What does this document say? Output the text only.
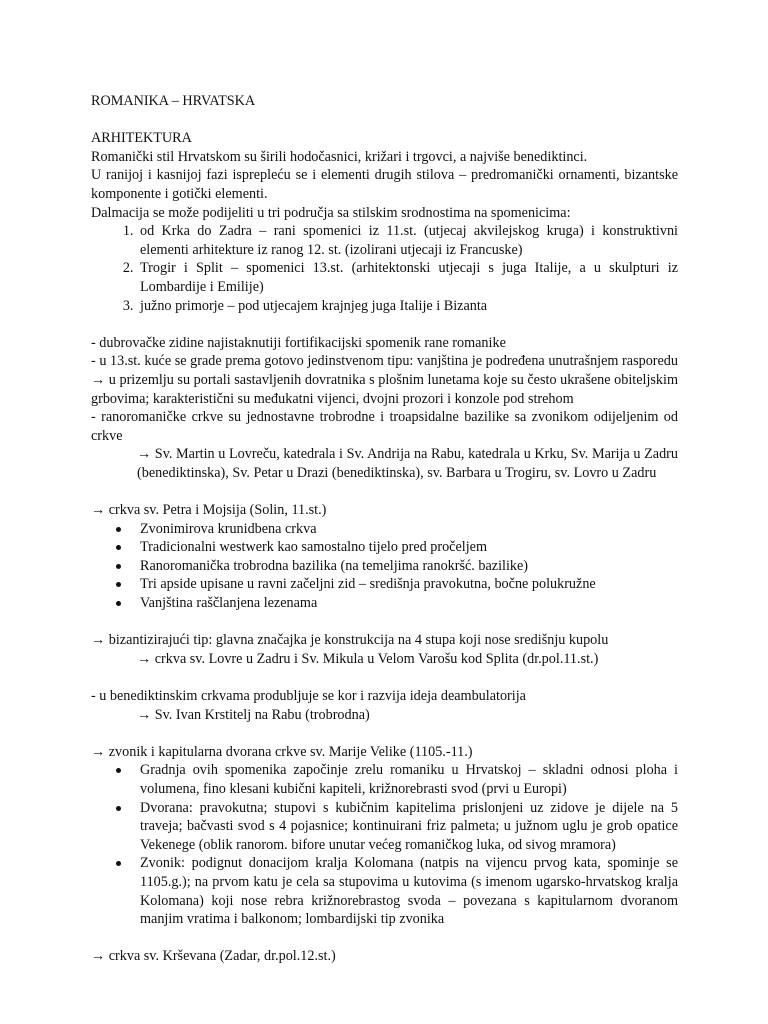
ROMANIKA – HRVATSKA

ARHITEKTURA

Romanički stil Hrvatskom su širili hodočasnici, križari i trgovci, a najviše benediktinci.

U ranijoj i kasnijoj fazi isprepleću se i elementi drugih stilova – predromanički ornamenti, bizantske komponente i gotički elementi.

Dalmacija se može podijeliti u tri područja sa stilskim srodnostima na spomenicima:

1. od Krka do Zadra – rani spomenici iz 11.st. (utjecaj akvilejskog kruga) i konstruktivni elementi arhitekture iz ranog 12. st. (izolirani utjecaji iz Francuske)
2. Trogir i Split – spomenici 13.st. (arhitektonski utjecaji s juga Italije, a u skulpturi iz Lombardije i Emilije)
3. južno primorje – pod utjecajem krajnjeg juga Italije i Bizanta

- dubrovačke zidine najistaknutiji fortifikacijski spomenik rane romanike

- u 13.st. kuće se grade prema gotovo jedinstvenom tipu: vanjština je podređena unutrašnjem rasporedu → u prizemlju su portali sastavljenih dovratnika s plošnim lunetama koje su često ukrašene obiteljskim grbovima; karakteristični su međukatni vijenci, dvojni prozori i konzole pod strehom

- ranoromaničke crkve su jednostavne trobrodne i troapsidalne bazilike sa zvonikom odijeljenim od crkve

→ Sv. Martin u Lovreču, katedrala i Sv. Andrija na Rabu, katedrala u Krku, Sv. Marija u Zadru (benediktinska), Sv. Petar u Drazi (benediktinska), sv. Barbara u Trogiru, sv. Lovro u Zadru

→ crkva sv. Petra i Mojsija (Solin, 11.st.)

Zvonimirova krunidbena crkva
Tradicionalni westwerk kao samostalno tijelo pred pročeljem
Ranoromanička trobrodna bazilika (na temeljima ranokršć. bazilike)
Tri apside upisane u ravni začeljni zid – središnja pravokutna, bočne polukružne
Vanjština raščlanjena lezenama

→ bizantizirajući tip: glavna značajka je konstrukcija na 4 stupa koji nose središnju kupolu

→ crkva sv. Lovre u Zadru i Sv. Mikula u Velom Varošu kod Splita (dr.pol.11.st.)

- u benediktinskim crkvama produbljuje se kor i razvija ideja deambulatorija

→ Sv. Ivan Krstitelj na Rabu (trobrodna)

→ zvonik i kapitularna dvorana crkve sv. Marije Velike (1105.-11.)

Gradnja ovih spomenika započinje zrelu romaniku u Hrvatskoj – skladni odnosi ploha i volumena, fino klesani kubični kapiteli, križnorebrasti svod (prvi u Europi)
Dvorana: pravokutna; stupovi s kubičnim kapitelima prislonjeni uz zidove je dijele na 5 traveja; bačvasti svod s 4 pojasnice; kontinuirani friz palmeta; u južnom uglu je grob opatice Vekenege (oblik ranorom. bifore unutar većeg romaničkog luka, od sivog mramora)
Zvonik: podignut donacijom kralja Kolomana (natpis na vijencu prvog kata, spominje se 1105.g.); na prvom katu je cela sa stupovima u kutovima (s imenom ugarsko-hrvatskog kralja Kolomana) koji nose rebra križnorebrastog svoda – povezana s kapitularnom dvoranom manjim vratima i balkonom; lombardijski tip zvonika

→ crkva sv. Krševana (Zadar, dr.pol.12.st.)
